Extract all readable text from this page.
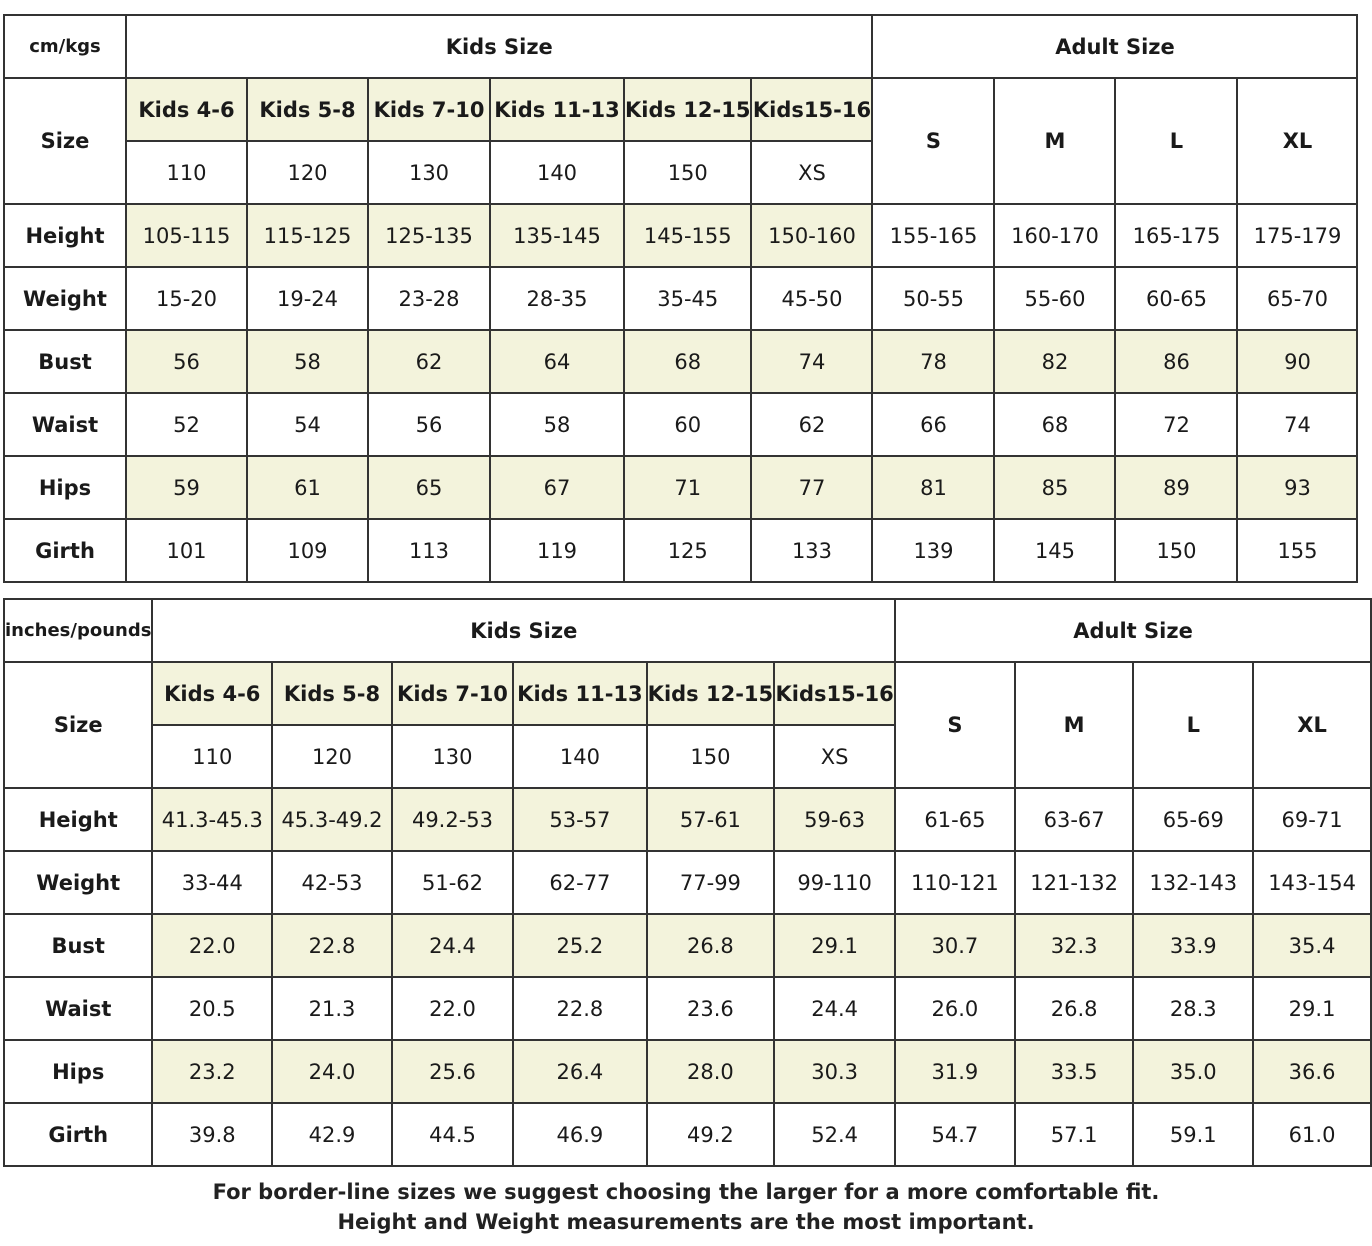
cm/kgs	Kids Size						Adult Size			
Size	Kids 4-6	Kids 5-8	Kids 7-10	Kids 11-13	Kids 12-15	Kids15-16	S	M	L	XL
	110	120	130	140	150	XS				
Height	105-115	115-125	125-135	135-145	145-155	150-160	155-165	160-170	165-175	175-179
Weight	15-20	19-24	23-28	28-35	35-45	45-50	50-55	55-60	60-65	65-70
Bust	56	58	62	64	68	74	78	82	86	90
Waist	52	54	56	58	60	62	66	68	72	74
Hips	59	61	65	67	71	77	81	85	89	93
Girth	101	109	113	119	125	133	139	145	150	155
inches/pounds	Kids Size						Adult Size			
Size	Kids 4-6	Kids 5-8	Kids 7-10	Kids 11-13	Kids 12-15	Kids15-16	S	M	L	XL
	110	120	130	140	150	XS				
Height	41.3-45.3	45.3-49.2	49.2-53	53-57	57-61	59-63	61-65	63-67	65-69	69-71
Weight	33-44	42-53	51-62	62-77	77-99	99-110	110-121	121-132	132-143	143-154
Bust	22.0	22.8	24.4	25.2	26.8	29.1	30.7	32.3	33.9	35.4
Waist	20.5	21.3	22.0	22.8	23.6	24.4	26.0	26.8	28.3	29.1
Hips	23.2	24.0	25.6	26.4	28.0	30.3	31.9	33.5	35.0	36.6
Girth	39.8	42.9	44.5	46.9	49.2	52.4	54.7	57.1	59.1	61.0
For border-line sizes we suggest choosing the larger for a more comfortable fit.
Height and Weight measurements are the most important.
